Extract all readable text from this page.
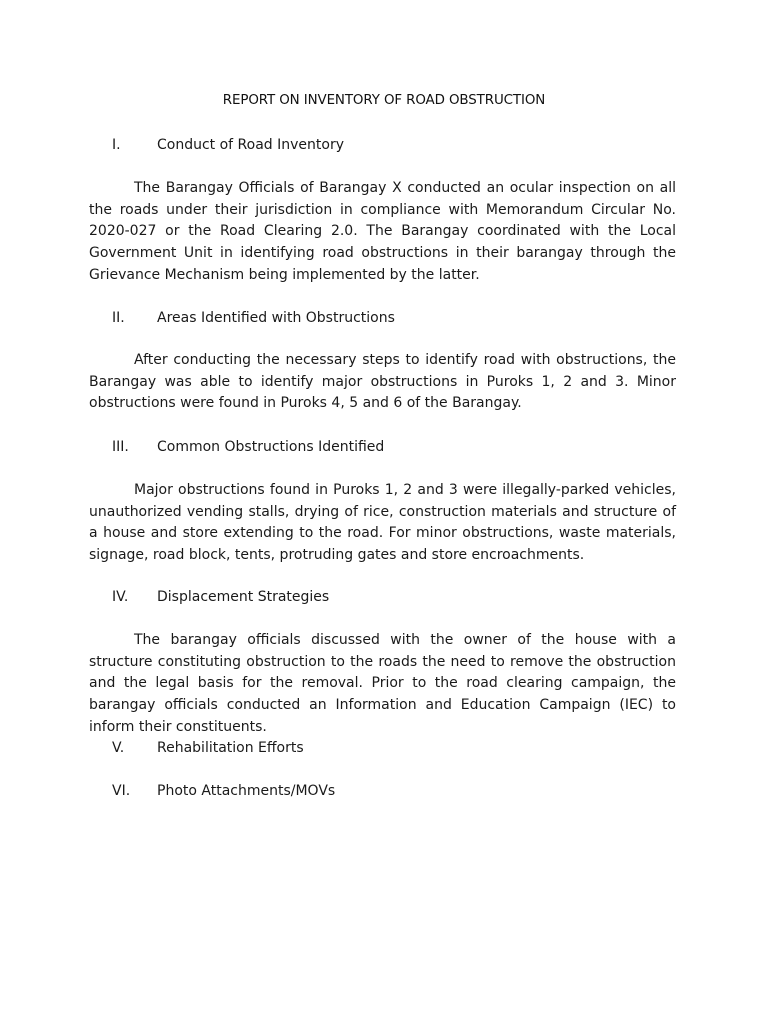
REPORT ON INVENTORY OF ROAD OBSTRUCTION
I.	Conduct of Road Inventory
The Barangay Officials of Barangay X conducted an ocular inspection on all the roads under their jurisdiction in compliance with Memorandum Circular No. 2020-027 or the Road Clearing 2.0. The Barangay coordinated with the Local Government Unit in identifying road obstructions in their barangay through the Grievance Mechanism being implemented by the latter.
II. Areas Identified with Obstructions
After conducting the necessary steps to identify road with obstructions, the Barangay was able to identify major obstructions in Puroks 1, 2 and 3. Minor obstructions were found in Puroks 4, 5 and 6 of the Barangay.
III. Common Obstructions Identified
Major obstructions found in Puroks 1, 2 and 3 were illegally-parked vehicles, unauthorized vending stalls, drying of rice, construction materials and structure of a house and store extending to the road. For minor obstructions, waste materials, signage, road block, tents, protruding gates and store encroachments.
IV. Displacement Strategies
The barangay officials discussed with the owner of the house with a structure constituting obstruction to the roads the need to remove the obstruction and the legal basis for the removal. Prior to the road clearing campaign, the barangay officials conducted an Information and Education Campaign (IEC) to inform their constituents.
V. Rehabilitation Efforts
VI. Photo Attachments/MOVs
